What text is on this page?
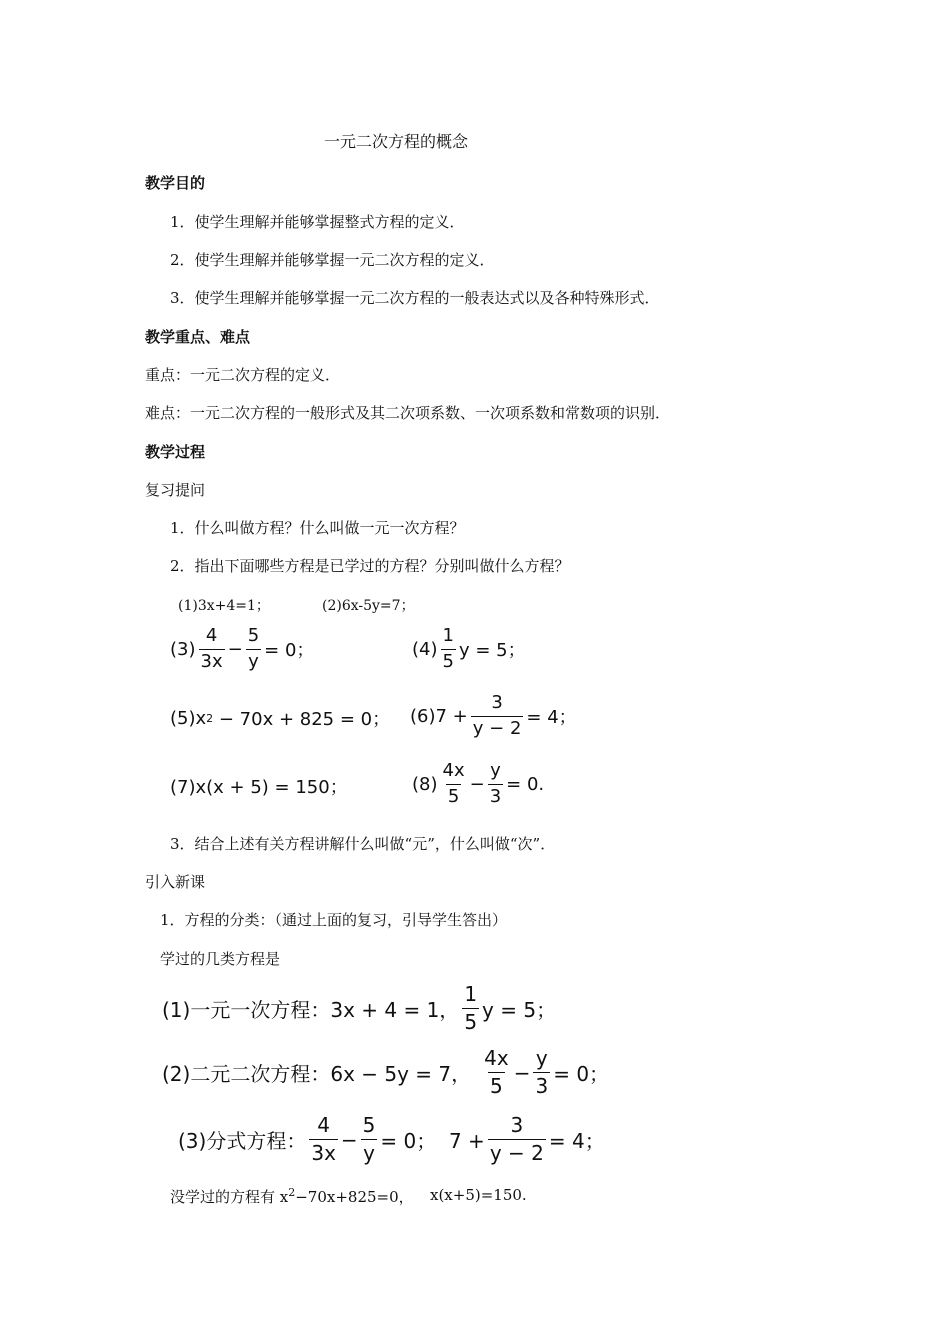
一元二次方程的概念
教学目的
1．使学生理解并能够掌握整式方程的定义．
2．使学生理解并能够掌握一元二次方程的定义．
3．使学生理解并能够掌握一元二次方程的一般表达式以及各种特殊形式．
教学重点、难点
重点：一元二次方程的定义．
难点：一元二次方程的一般形式及其二次项系数、一次项系数和常数项的识别．
教学过程
复习提问
1．什么叫做方程？什么叫做一元一次方程？
2．指出下面哪些方程是已学过的方程？分别叫做什么方程？
(1)3x+4=1；	(2)6x-5y=7；
$(3) \frac{4}{3x} - \frac{5}{y} = 0$；	$(4) \frac{1}{5}$ y = 5；
(5)x 2 − 70x + 825 = 0； $(6)7 + \frac{3}{y - 2} = 4$；
(7)x(x + 5) = 150；	$(8) \frac{4x}{5} - \frac{y}{3} = 0$.
3．结合上述有关方程讲解什么叫做“元”，什么叫做“次”．
引入新课
1．方程的分类：（通过上面的复习，引导学生答出）
学过的几类方程是
(1)一元一次方程： 3x + 4 = 1， $\frac{1}{5}$ y = 5；
(2)二元二次方程： 6x − 5y = 7， $\frac{4x}{5} - \frac{y}{3} = 0$；
(3)分式方程： $\frac{4}{3x} - \frac{5}{y} = 0$；  $7 + \frac{3}{y - 2} = 4$；
没学过的方程有 $x^2-70x+825=0$， x(x+5)=150.
